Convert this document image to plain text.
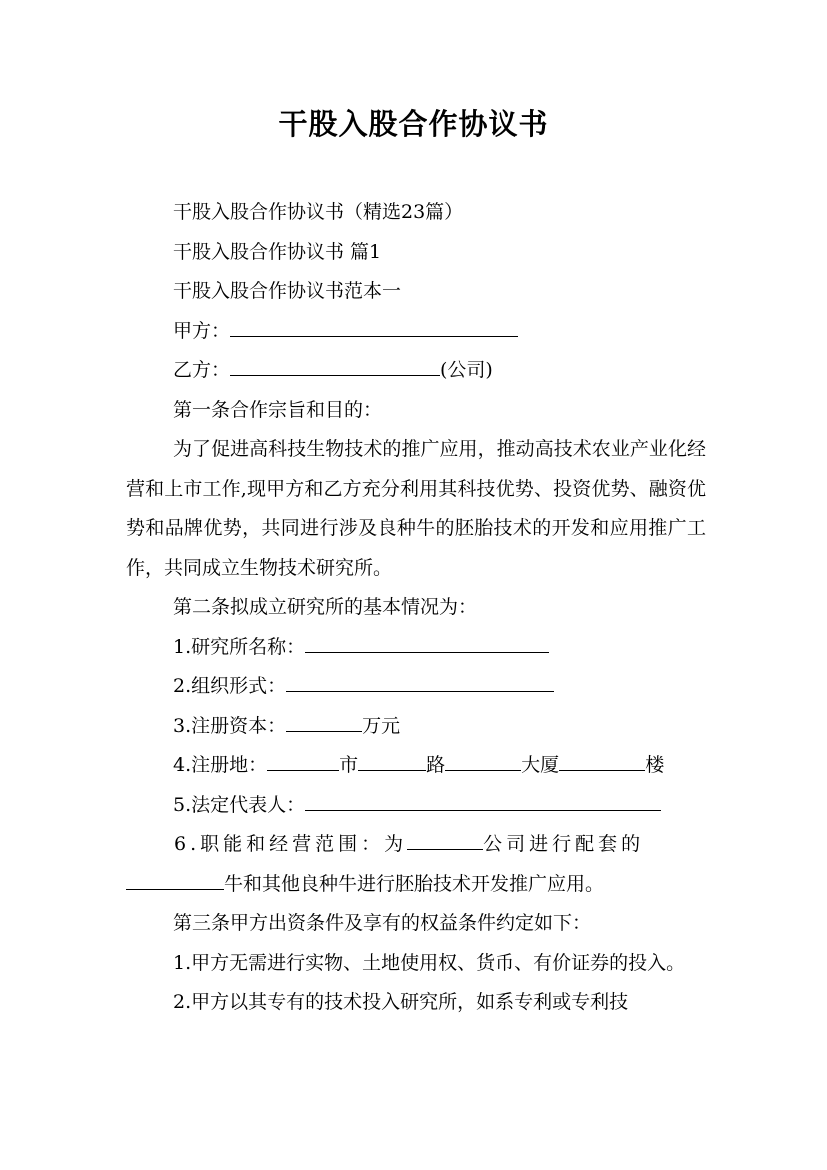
干股入股合作协议书

干股入股合作协议书（精选23篇）

干股入股合作协议书 篇1

干股入股合作协议书范本一

甲方：

乙方：	(公司)

第一条合作宗旨和目的：

为了促进高科技生物技术的推广应用，推动高技术农业产业化经营和上市工作,现甲方和乙方充分利用其科技优势、投资优势、融资优势和品牌优势，共同进行涉及良种牛的胚胎技术的开发和应用推广工作，共同成立生物技术研究所。

第二条拟成立研究所的基本情况为：

1.研究所名称：

2.组织形式：

3.注册资本：	万元

4.注册地：	市	路	大厦	楼

5.法定代表人：

6.职能和经营范围：为	公司进行配套的

牛和其他良种牛进行胚胎技术开发推广应用。

第三条甲方出资条件及享有的权益条件约定如下：

1.甲方无需进行实物、土地使用权、货币、有价证券的投入。

2.甲方以其专有的技术投入研究所，如系专利或专利技
